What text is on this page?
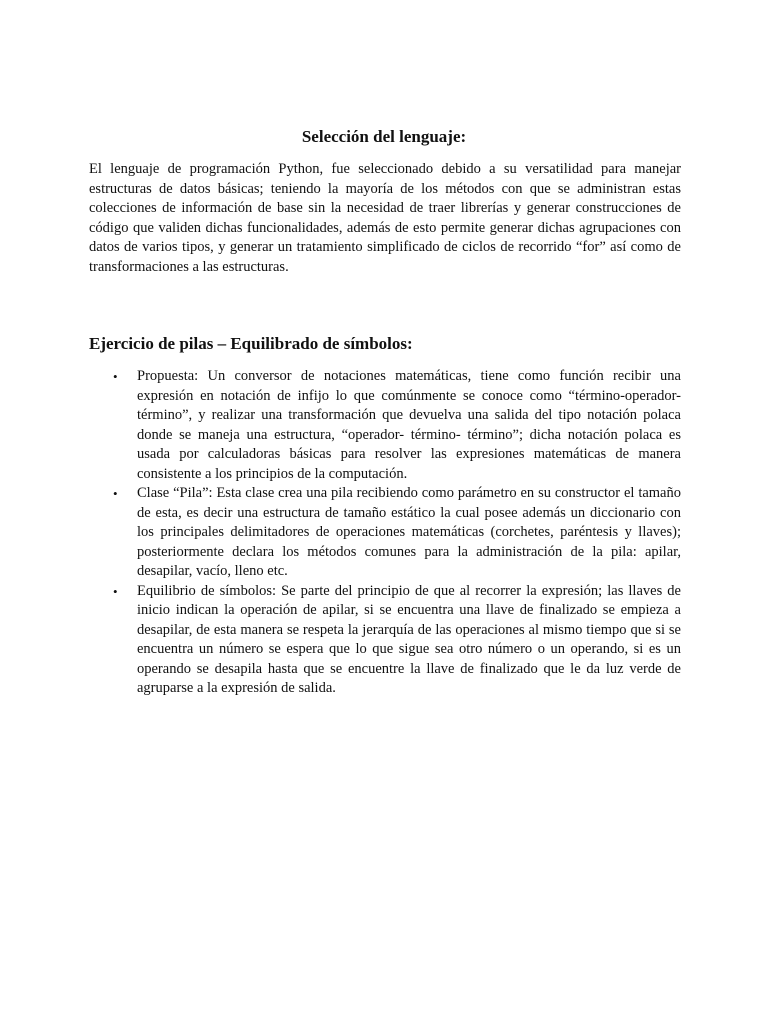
Selección del lenguaje:

El lenguaje de programación Python, fue seleccionado debido a su versatilidad para manejar estructuras de datos básicas; teniendo la mayoría de los métodos con que se administran estas colecciones de información de base sin la necesidad de traer librerías y generar construcciones de código que validen dichas funcionalidades, además de esto permite generar dichas agrupaciones con datos de varios tipos, y generar un tratamiento simplificado de ciclos de recorrido “for” así como de transformaciones a las estructuras.

Ejercicio de pilas – Equilibrado de símbolos:
• Propuesta: Un conversor de notaciones matemáticas, tiene como función recibir una expresión en notación de infijo lo que comúnmente se conoce como “término-operador-término”, y realizar una transformación que devuelva una salida del tipo notación polaca donde se maneja una estructura, “operador- término- término”; dicha notación polaca es usada por calculadoras básicas para resolver las expresiones matemáticas de manera consistente a los principios de la computación.
• Clase “Pila”: Esta clase crea una pila recibiendo como parámetro en su constructor el tamaño de esta, es decir una estructura de tamaño estático la cual posee además un diccionario con los principales delimitadores de operaciones matemáticas (corchetes, paréntesis y llaves); posteriormente declara los métodos comunes para la administración de la pila: apilar, desapilar, vacío, lleno etc.
• Equilibrio de símbolos: Se parte del principio de que al recorrer la expresión; las llaves de inicio indican la operación de apilar, si se encuentra una llave de finalizado se empieza a desapilar, de esta manera se respeta la jerarquía de las operaciones al mismo tiempo que si se encuentra un número se espera que lo que sigue sea otro número o un operando, si es un operando se desapila hasta que se encuentre la llave de finalizado que le da luz verde de agruparse a la expresión de salida.
